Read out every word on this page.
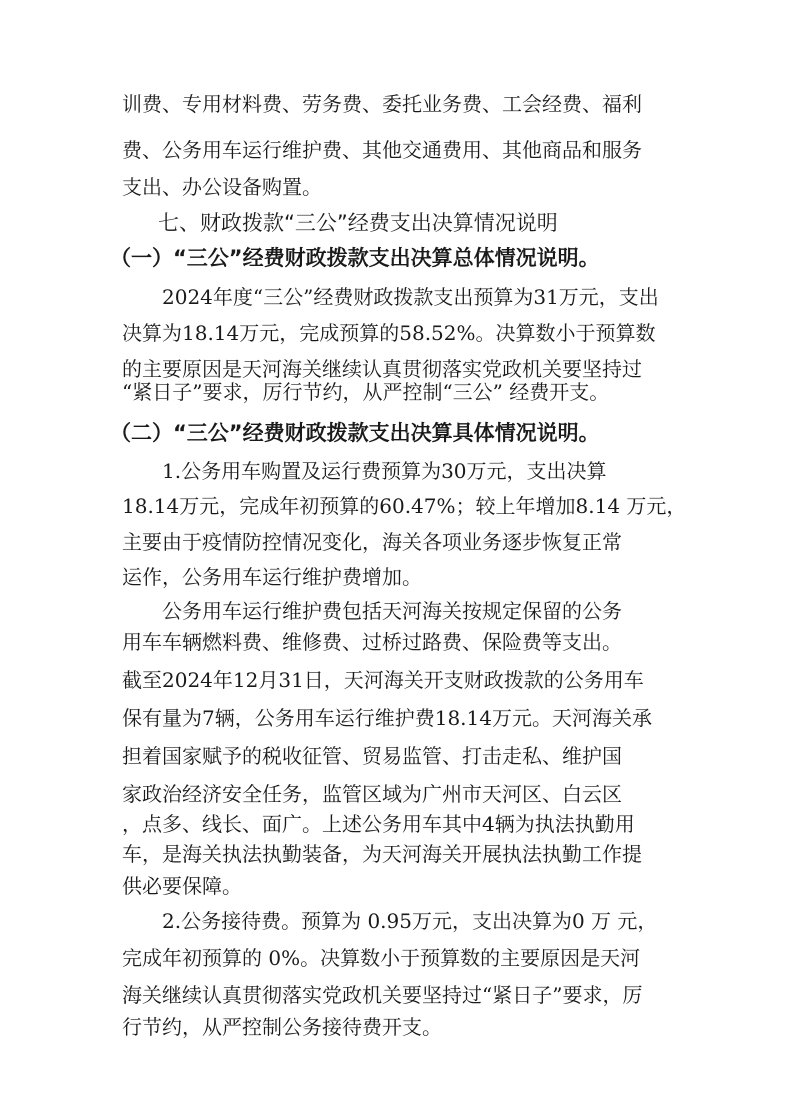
训费、专用材料费、劳务费、委托业务费、工会经费、福利
费、公务用车运行维护费、其他交通费用、其他商品和服务
支出、办公设备购置。
七、财政拨款“三公”经费支出决算情况说明
（一）“三公”经费财政拨款支出决算总体情况说明。
2024年度“三公”经费财政拨款支出预算为31万元，支出
决算为18.14万元，完成预算的58.52%。决算数小于预算数
的主要原因是天河海关继续认真贯彻落实党政机关要坚持过
“紧日子”要求，厉行节约，从严控制“三公” 经费开支。
（二）“三公”经费财政拨款支出决算具体情况说明。
1.公务用车购置及运行费预算为30万元，支出决算
18.14万元，完成年初预算的60.47%；较上年增加8.14 万元，
主要由于疫情防控情况变化，海关各项业务逐步恢复正常
运作，公务用车运行维护费增加。
公务用车运行维护费包括天河海关按规定保留的公务
用车车辆燃料费、维修费、过桥过路费、保险费等支出。
截至2024年12月31日，天河海关开支财政拨款的公务用车
保有量为7辆，公务用车运行维护费18.14万元。天河海关承
担着国家赋予的税收征管、贸易监管、打击走私、维护国
家政治经济安全任务，监管区域为广州市天河区、白云区
，点多、线长、面广。上述公务用车其中4辆为执法执勤用
车，是海关执法执勤装备，为天河海关开展执法执勤工作提
供必要保障。
2.公务接待费。预算为 0.95万元，支出决算为0 万 元，
完成年初预算的 0%。决算数小于预算数的主要原因是天河
海关继续认真贯彻落实党政机关要坚持过“紧日子”要求，厉
行节约，从严控制公务接待费开支。
